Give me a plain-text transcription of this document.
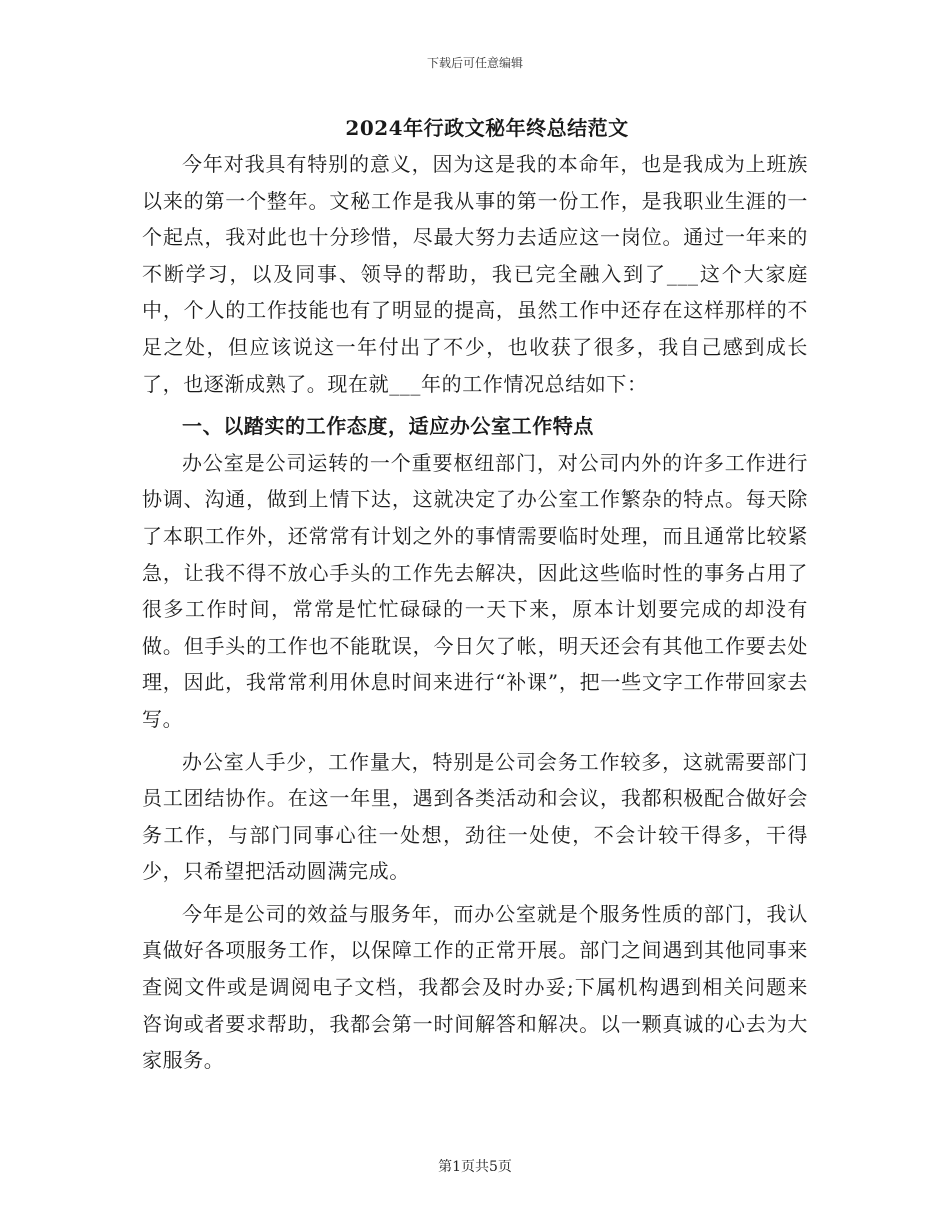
下载后可任意编辑
2024年行政文秘年终总结范文

今年对我具有特别的意义，因为这是我的本命年，也是我成为上班族以来的第一个整年。文秘工作是我从事的第一份工作，是我职业生涯的一个起点，我对此也十分珍惜，尽最大努力去适应这一岗位。通过一年来的不断学习，以及同事、领导的帮助，我已完全融入到了___这个大家庭中，个人的工作技能也有了明显的提高，虽然工作中还存在这样那样的不足之处，但应该说这一年付出了不少，也收获了很多，我自己感到成长了，也逐渐成熟了。现在就___年的工作情况总结如下：

一、以踏实的工作态度，适应办公室工作特点

办公室是公司运转的一个重要枢纽部门，对公司内外的许多工作进行协调、沟通，做到上情下达，这就决定了办公室工作繁杂的特点。每天除了本职工作外，还常常有计划之外的事情需要临时处理，而且通常比较紧急，让我不得不放心手头的工作先去解决，因此这些临时性的事务占用了很多工作时间，常常是忙忙碌碌的一天下来，原本计划要完成的却没有做。但手头的工作也不能耽误，今日欠了帐，明天还会有其他工作要去处理，因此，我常常利用休息时间来进行“补课”，把一些文字工作带回家去写。

办公室人手少，工作量大，特别是公司会务工作较多，这就需要部门员工团结协作。在这一年里，遇到各类活动和会议，我都积极配合做好会务工作，与部门同事心往一处想，劲往一处使，不会计较干得多，干得少，只希望把活动圆满完成。

今年是公司的效益与服务年，而办公室就是个服务性质的部门，我认真做好各项服务工作，以保障工作的正常开展。部门之间遇到其他同事来查阅文件或是调阅电子文档，我都会及时办妥;下属机构遇到相关问题来咨询或者要求帮助，我都会第一时间解答和解决。以一颗真诚的心去为大家服务。

第1页共5页
